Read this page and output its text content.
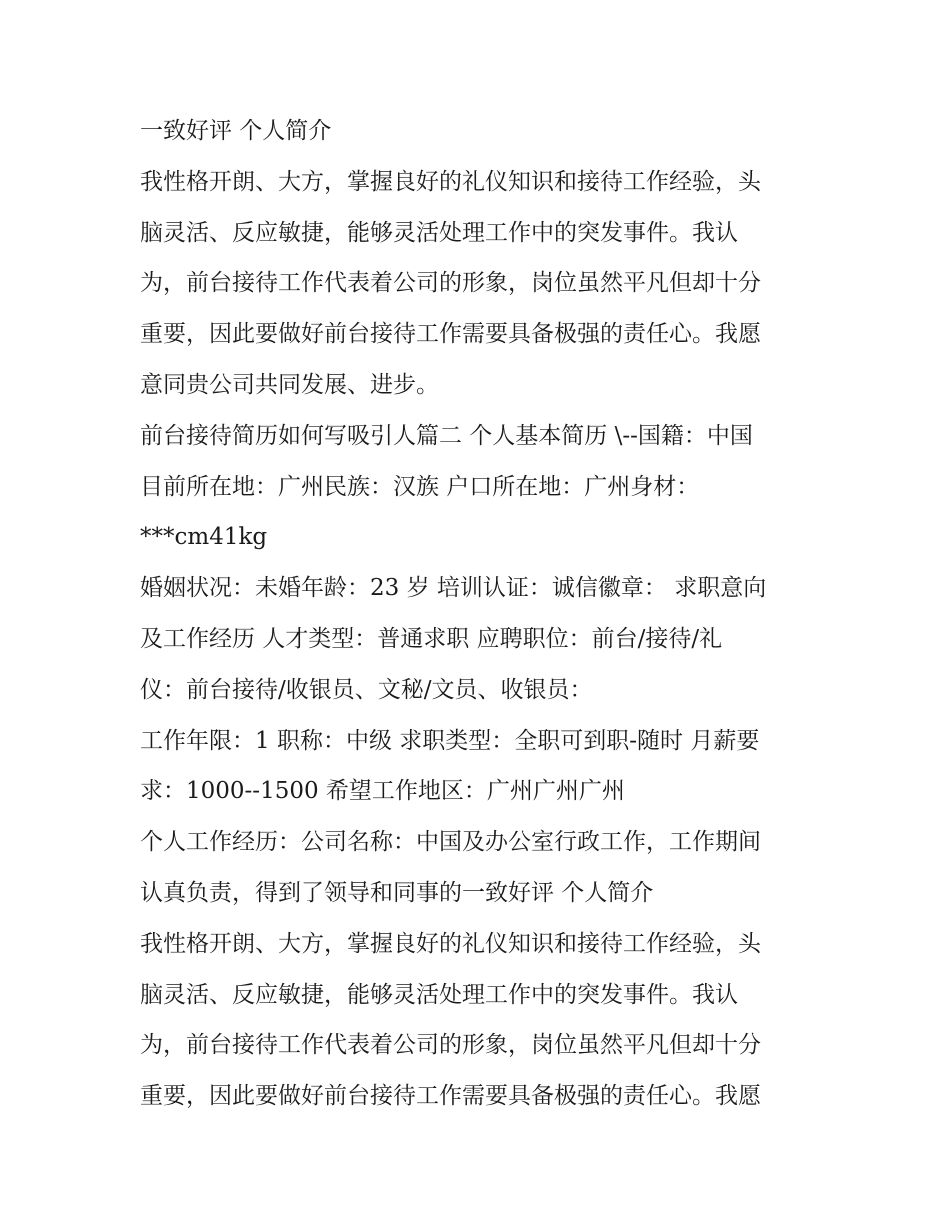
一致好评 个人简介
我性格开朗、大方，掌握良好的礼仪知识和接待工作经验，头
脑灵活、反应敏捷，能够灵活处理工作中的突发事件。我认
为，前台接待工作代表着公司的形象，岗位虽然平凡但却十分
重要，因此要做好前台接待工作需要具备极强的责任心。我愿
意同贵公司共同发展、进步。
前台接待简历如何写吸引人篇二 个人基本简历 \--国籍：中国
目前所在地：广州民族：汉族 户口所在地：广州身材：
***cm41kg
婚姻状况：未婚年龄：23 岁 培训认证：诚信徽章： 求职意向
及工作经历 人才类型：普通求职 应聘职位：前台/接待/礼
仪：前台接待/收银员、文秘/文员、收银员：
工作年限：1 职称：中级 求职类型：全职可到职-随时 月薪要
求：1000--1500 希望工作地区：广州广州广州
个人工作经历：公司名称：中国及办公室行政工作，工作期间
认真负责，得到了领导和同事的一致好评 个人简介
我性格开朗、大方，掌握良好的礼仪知识和接待工作经验，头
脑灵活、反应敏捷，能够灵活处理工作中的突发事件。我认
为，前台接待工作代表着公司的形象，岗位虽然平凡但却十分
重要，因此要做好前台接待工作需要具备极强的责任心。我愿
